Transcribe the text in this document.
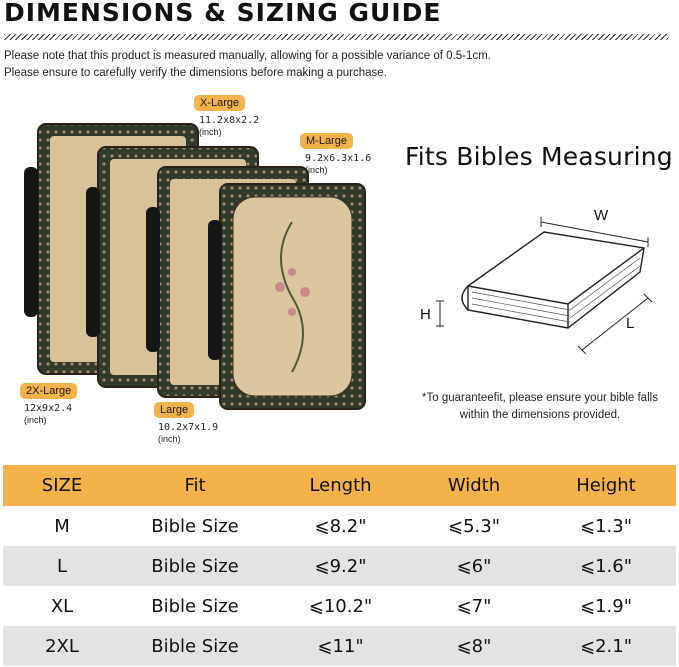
DIMENSIONS & SIZING GUIDE
Please note that this product is measured manually, allowing for a possible variance of 0.5-1cm.
Please ensure to carefully verify the dimensions before making a purchase.
X-Large
11.2x8x2.2
(inch)
M-Large
9.2x6.3x1.6
(inch)
2X-Large
12x9x2.4
(inch)
Large
10.2x7x1.9
(inch)
Fits Bibles Measuring
W
H
L
*To guaranteefit, please ensure your bible falls
within the dimensions provided.
SIZE	Fit	Length	Width	Height
M	Bible Size	⩽8.2"	⩽5.3"	⩽1.3"
L	Bible Size	⩽9.2"	⩽6"	⩽1.6"
XL	Bible Size	⩽10.2"	⩽7"	⩽1.9"
2XL	Bible Size	⩽11"	⩽8"	⩽2.1"
